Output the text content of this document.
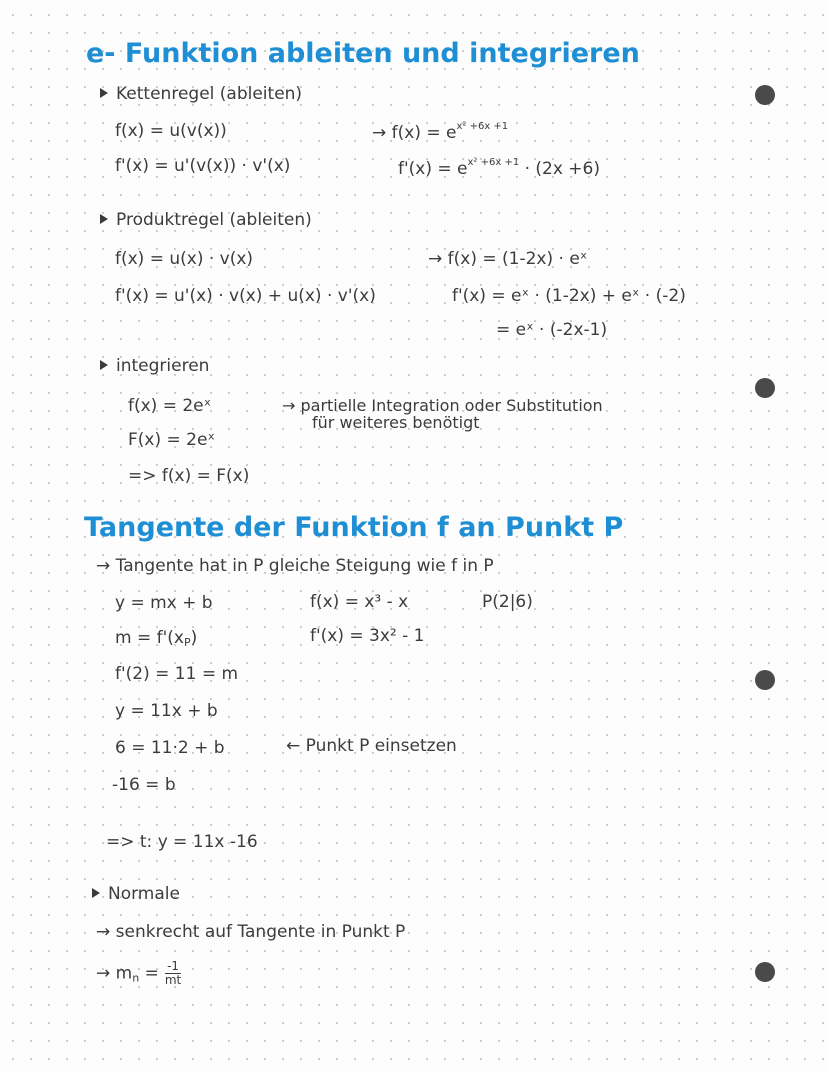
e- Funktion ableiten und integrieren
Kettenregel (ableiten)
f(x) = u(v(x))
f'(x) = u'(v(x)) · v'(x)
→ $f(x) = e^{x^2 +6x +1}$
$f'(x) = e^{x^2 +6x +1} \cdot (2x +6)$
Produktregel (ableiten)
f(x) = u(x) · v(x)
f'(x) = u'(x) · v(x) + u(x) · v'(x)
→ f(x) = (1-2x) · eˣ
f'(x) = eˣ · (1-2x) + eˣ · (-2)
= eˣ · (-2x-1)
integrieren
f(x) = 2eˣ
F(x) = 2eˣ
=> f(x) = F(x)
→ partielle Integration oder Substitution
für weiteres benötigt
Tangente der Funktion f an Punkt P
→ Tangente hat in P gleiche Steigung wie f in P
y = mx + b	f(x) = x³ - x	P(2|6)
$m = f'(x_P)$	f'(x) = 3x² - 1
f'(2) = 11 = m
y = 11x + b
6 = 11·2 + b	← Punkt P einsetzen
-16 = b
=> t: y = 11x -16
Normale
→ senkrecht auf Tangente in Punkt P
→ $m_n = \frac{-1}{mt}$
